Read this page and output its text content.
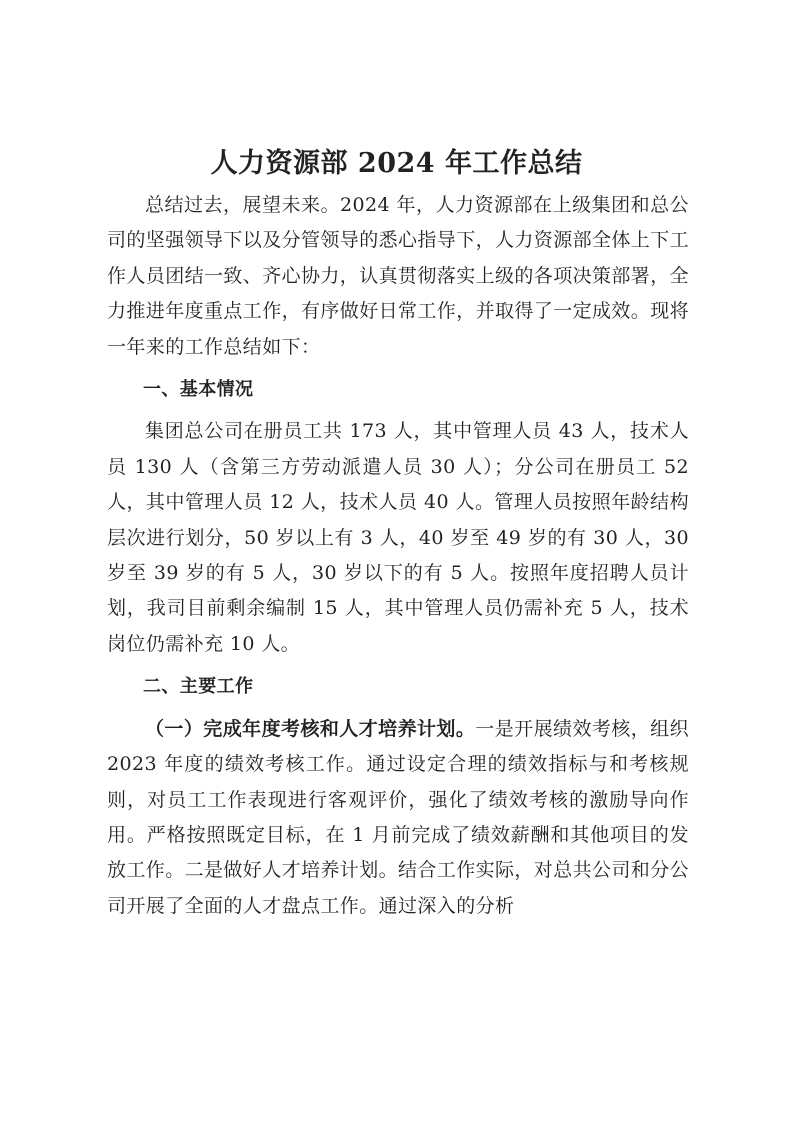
人力资源部 2024 年工作总结

总结过去，展望未来。2024 年，人力资源部在上级集团和总公司的坚强领导下以及分管领导的悉心指导下，人力资源部全体上下工作人员团结一致、齐心协力，认真贯彻落实上级的各项决策部署，全力推进年度重点工作，有序做好日常工作，并取得了一定成效。现将一年来的工作总结如下：

一、基本情况

集团总公司在册员工共 173 人，其中管理人员 43 人，技术人员 130 人（含第三方劳动派遣人员 30 人）；分公司在册员工 52 人，其中管理人员 12 人，技术人员 40 人。管理人员按照年龄结构层次进行划分，50 岁以上有 3 人，40 岁至 49 岁的有 30 人，30 岁至 39 岁的有 5 人，30 岁以下的有 5 人。按照年度招聘人员计划，我司目前剩余编制 15 人，其中管理人员仍需补充 5 人，技术岗位仍需补充 10 人。

二、主要工作

（一）完成年度考核和人才培养计划。一是开展绩效考核，组织 2023 年度的绩效考核工作。通过设定合理的绩效指标与和考核规则，对员工工作表现进行客观评价，强化了绩效考核的激励导向作用。严格按照既定目标，在 1 月前完成了绩效薪酬和其他项目的发放工作。二是做好人才培养计划。结合工作实际，对总共公司和分公司开展了全面的人才盘点工作。通过深入的分析
